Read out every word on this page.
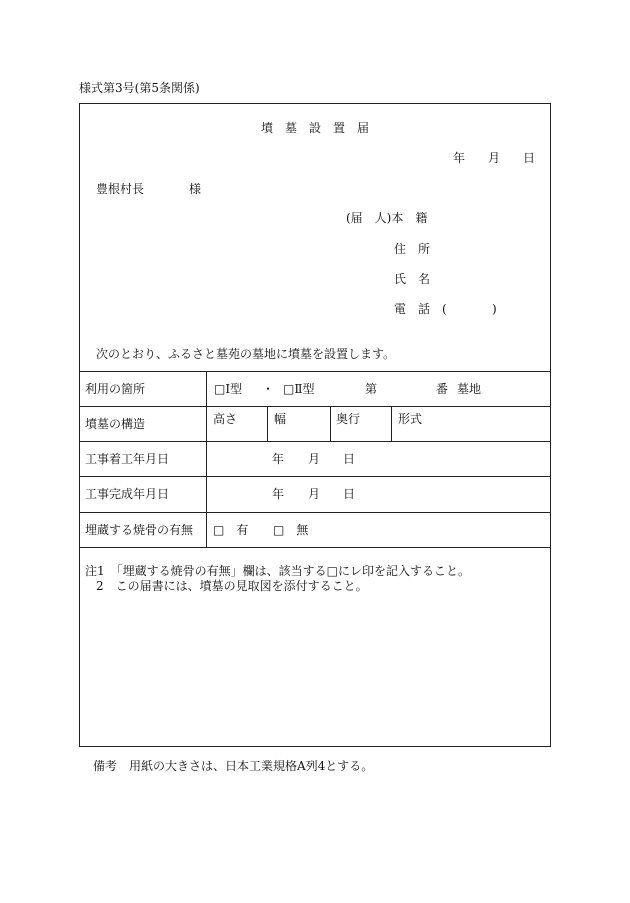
様式第3号(第5条関係)
墳　墓　設　置　届
年 月 日
豊根村長	様
(届　人)本　籍
住　所
氏　名
電　話 (	)
次のとおり、ふるさと墓苑の墓地に墳墓を設置します。
利用の箇所	□Ⅰ型 ・ □Ⅱ型	第	番 墓地
墳墓の構造	高さ	幅	奥行	形式
工事着工年月日	年 月 日
工事完成年月日	年 月 日
埋蔵する焼骨の有無 □　有 □　無
注1　「埋蔵する焼骨の有無」欄は、該当する□にレ印を記入すること。
2　この届書には、墳墓の見取図を添付すること。
備考　用紙の大きさは、日本工業規格A列4とする。
